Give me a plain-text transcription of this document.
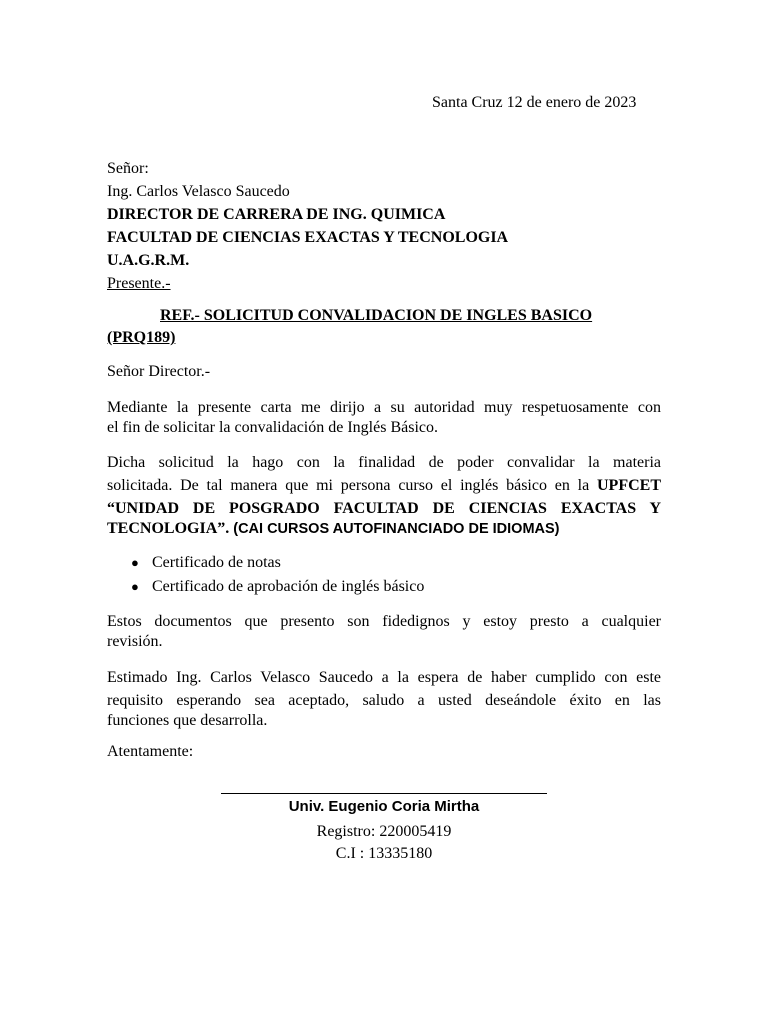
Santa Cruz 12 de enero de 2023
Señor:
Ing. Carlos Velasco Saucedo
DIRECTOR DE CARRERA DE ING. QUIMICA
FACULTAD DE CIENCIAS EXACTAS Y TECNOLOGIA
U.A.G.R.M.
Presente.-
REF.- SOLICITUD CONVALIDACION DE INGLES BASICO
(PRQ189)
Señor Director.-
Mediante la presente carta me dirijo a su autoridad muy respetuosamente con
el fin de solicitar la convalidación de Inglés Básico.
Dicha solicitud la hago con la finalidad de poder convalidar la materia
solicitada. De tal manera que mi persona curso el inglés básico en la UPFCET
“UNIDAD DE POSGRADO FACULTAD DE CIENCIAS EXACTAS Y
TECNOLOGIA”. (CAI CURSOS AUTOFINANCIADO DE IDIOMAS)
● Certificado de notas
● Certificado de aprobación de inglés básico
Estos documentos que presento son fidedignos y estoy presto a cualquier
revisión.
Estimado Ing. Carlos Velasco Saucedo a la espera de haber cumplido con este
requisito esperando sea aceptado, saludo a usted deseándole éxito en las
funciones que desarrolla.
Atentamente:
Univ. Eugenio Coria Mirtha
Registro: 220005419
C.I : 13335180
